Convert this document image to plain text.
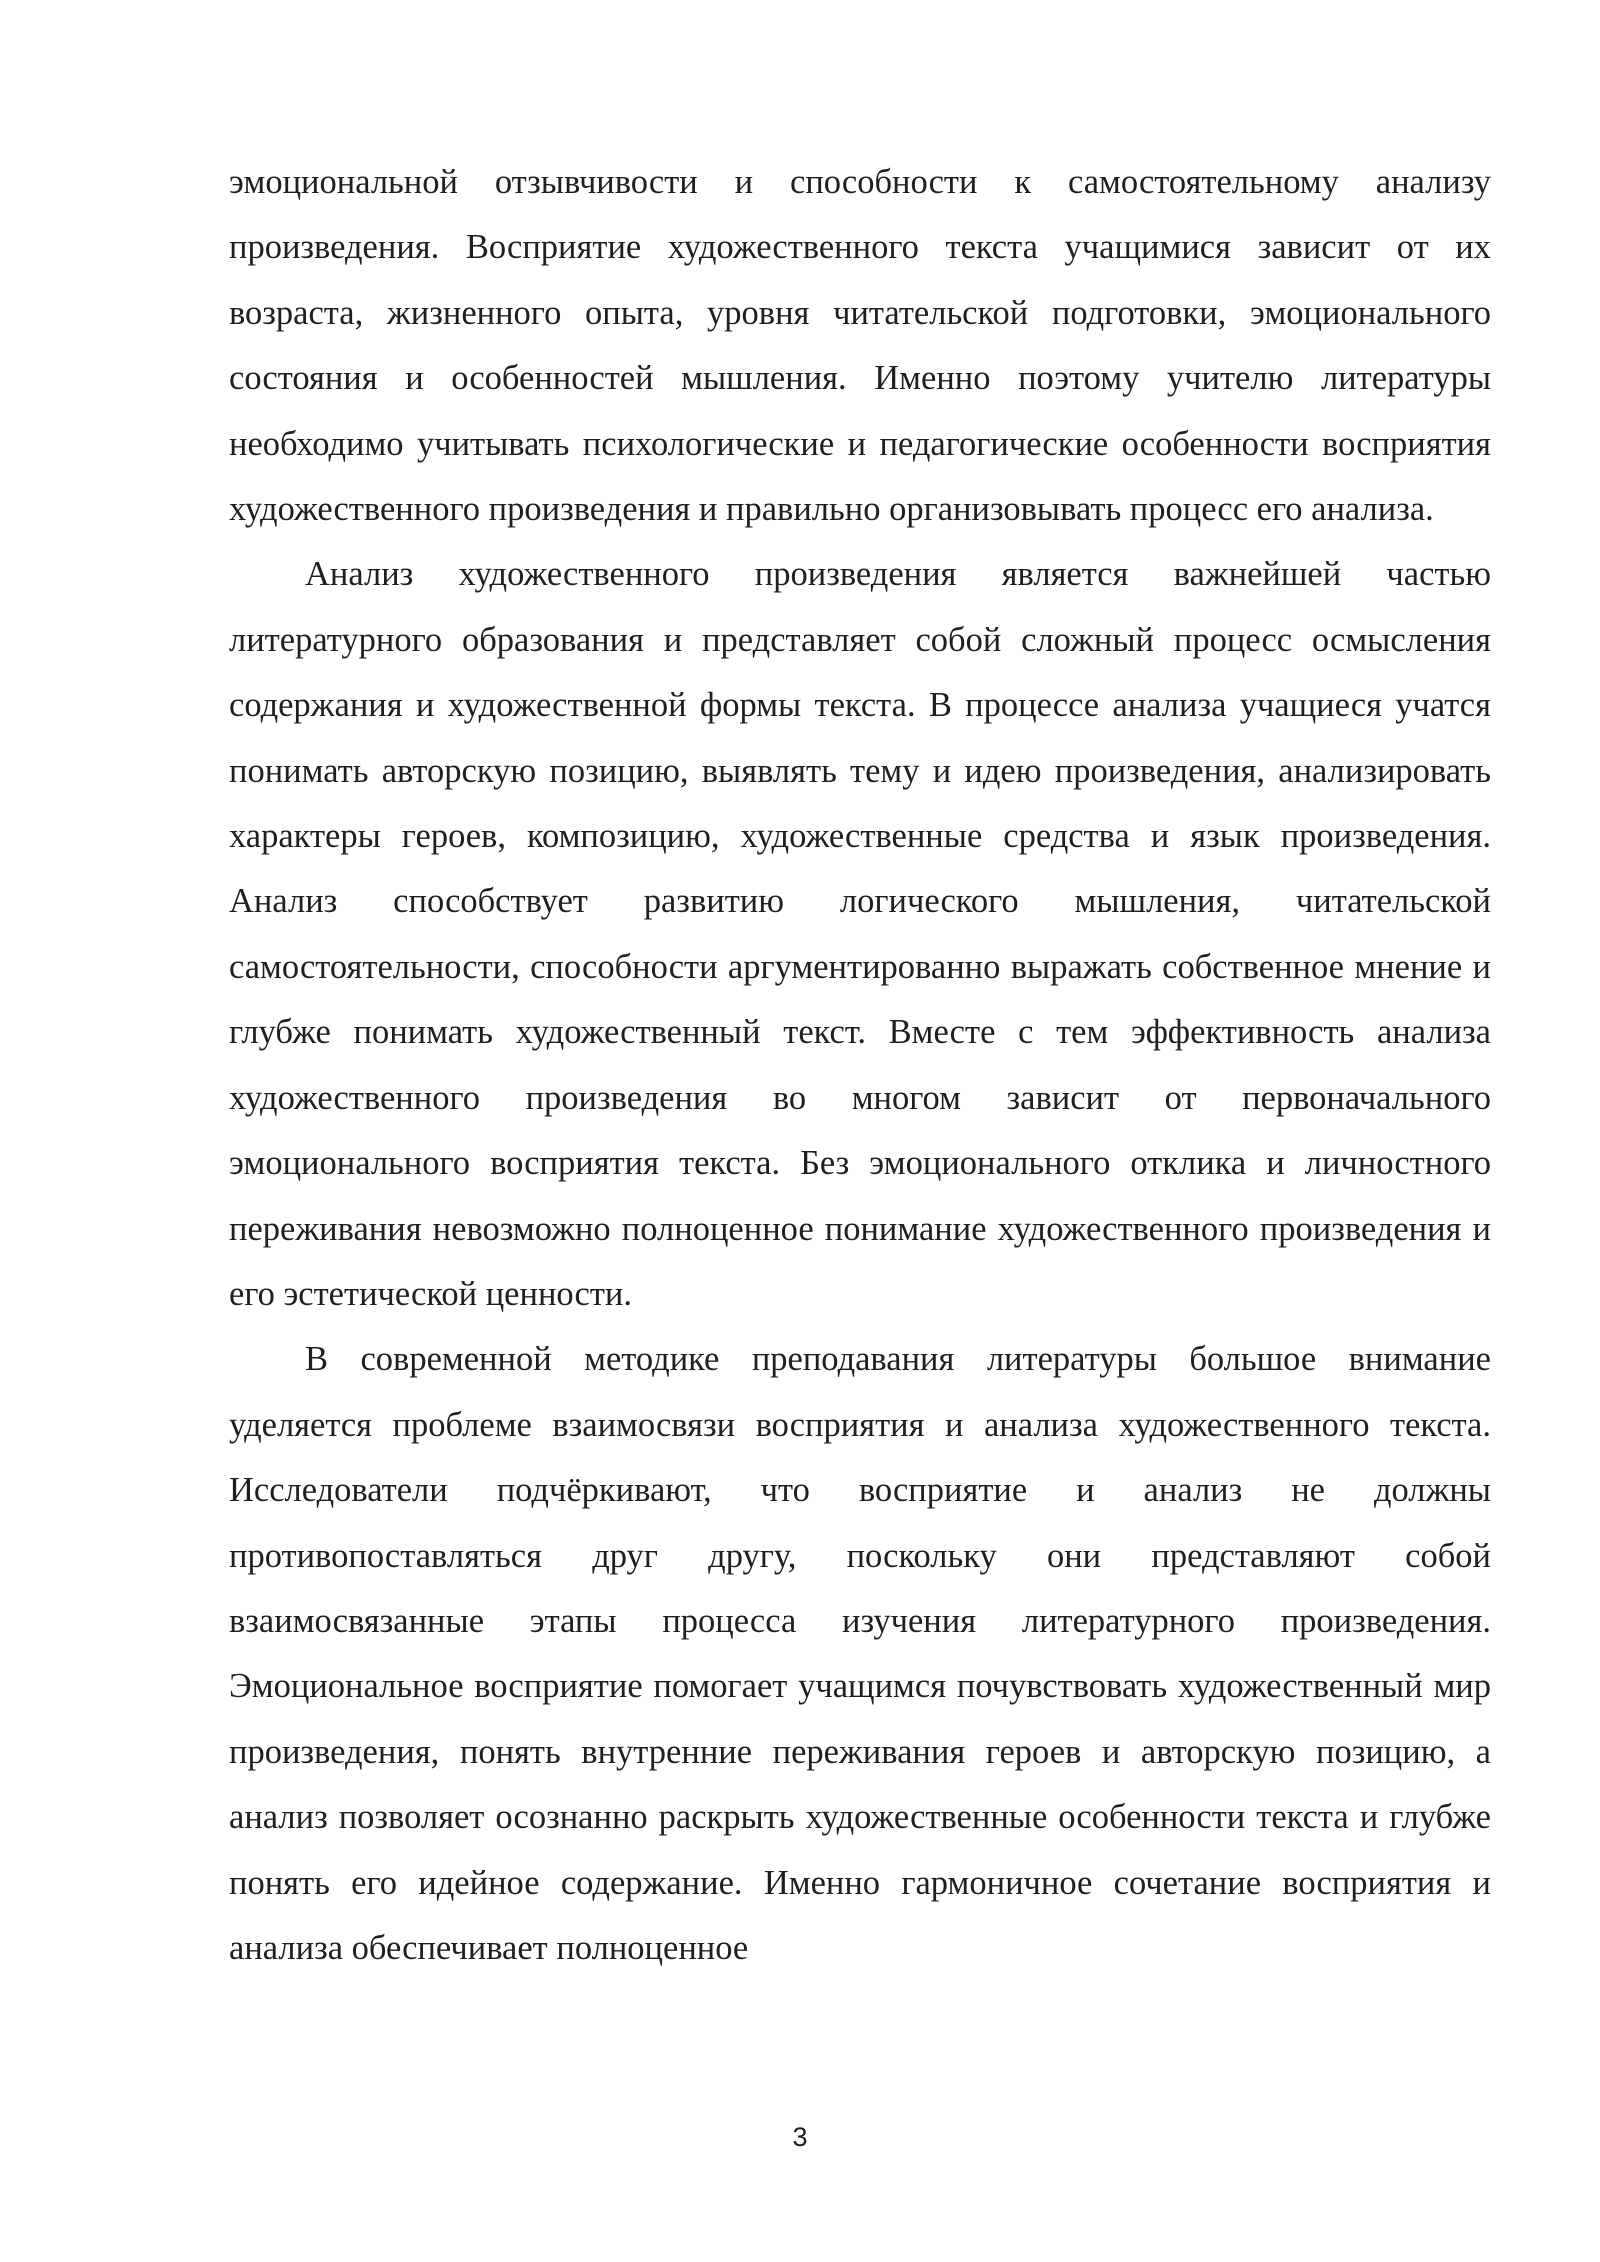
эмоциональной отзывчивости и способности к самостоятельному анализу произведения. Восприятие художественного текста учащимися зависит от их возраста, жизненного опыта, уровня читательской подготовки, эмоционального состояния и особенностей мышления. Именно поэтому учителю литературы необходимо учитывать психологические и педагогические особенности восприятия художественного произведения и правильно организовывать процесс его анализа.

Анализ художественного произведения является важнейшей частью литературного образования и представляет собой сложный процесс осмысления содержания и художественной формы текста. В процессе анализа учащиеся учатся понимать авторскую позицию, выявлять тему и идею произведения, анализировать характеры героев, композицию, художественные средства и язык произведения. Анализ способствует развитию логического мышления, читательской самостоятельности, способности аргументированно выражать собственное мнение и глубже понимать художественный текст. Вместе с тем эффективность анализа художественного произведения во многом зависит от первоначального эмоционального восприятия текста. Без эмоционального отклика и личностного переживания невозможно полноценное понимание художественного произведения и его эстетической ценности.

В современной методике преподавания литературы большое внимание уделяется проблеме взаимосвязи восприятия и анализа художественного текста. Исследователи подчёркивают, что восприятие и анализ не должны противопоставляться друг другу, поскольку они представляют собой взаимосвязанные этапы процесса изучения литературного произведения. Эмоциональное восприятие помогает учащимся почувствовать художественный мир произведения, понять внутренние переживания героев и авторскую позицию, а анализ позволяет осознанно раскрыть художественные особенности текста и глубже понять его идейное содержание. Именно гармоничное сочетание восприятия и анализа обеспечивает полноценное

3
